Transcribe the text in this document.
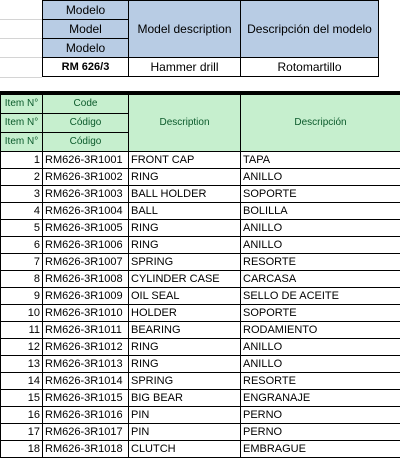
Modelo	Model description	Descripción del modelo
Model		
Modelo		
RM 626/3	Hammer drill	Rotomartillo
Item N°	Code	Description	Descripción
Item N°	Código		
Item N°	Código		
1	RM626-3R1001	FRONT CAP	TAPA
2	RM626-3R1002	RING	ANILLO
3	RM626-3R1003	BALL HOLDER	SOPORTE
4	RM626-3R1004	BALL	BOLILLA
5	RM626-3R1005	RING	ANILLO
6	RM626-3R1006	RING	ANILLO
7	RM626-3R1007	SPRING	RESORTE
8	RM626-3R1008	CYLINDER CASE	CARCASA
9	RM626-3R1009	OIL SEAL	SELLO DE ACEITE
10	RM626-3R1010	HOLDER	SOPORTE
11	RM626-3R1011	BEARING	RODAMIENTO
12	RM626-3R1012	RING	ANILLO
13	RM626-3R1013	RING	ANILLO
14	RM626-3R1014	SPRING	RESORTE
15	RM626-3R1015	BIG BEAR	ENGRANAJE
16	RM626-3R1016	PIN	PERNO
17	RM626-3R1017	PIN	PERNO
18	RM626-3R1018	CLUTCH	EMBRAGUE
